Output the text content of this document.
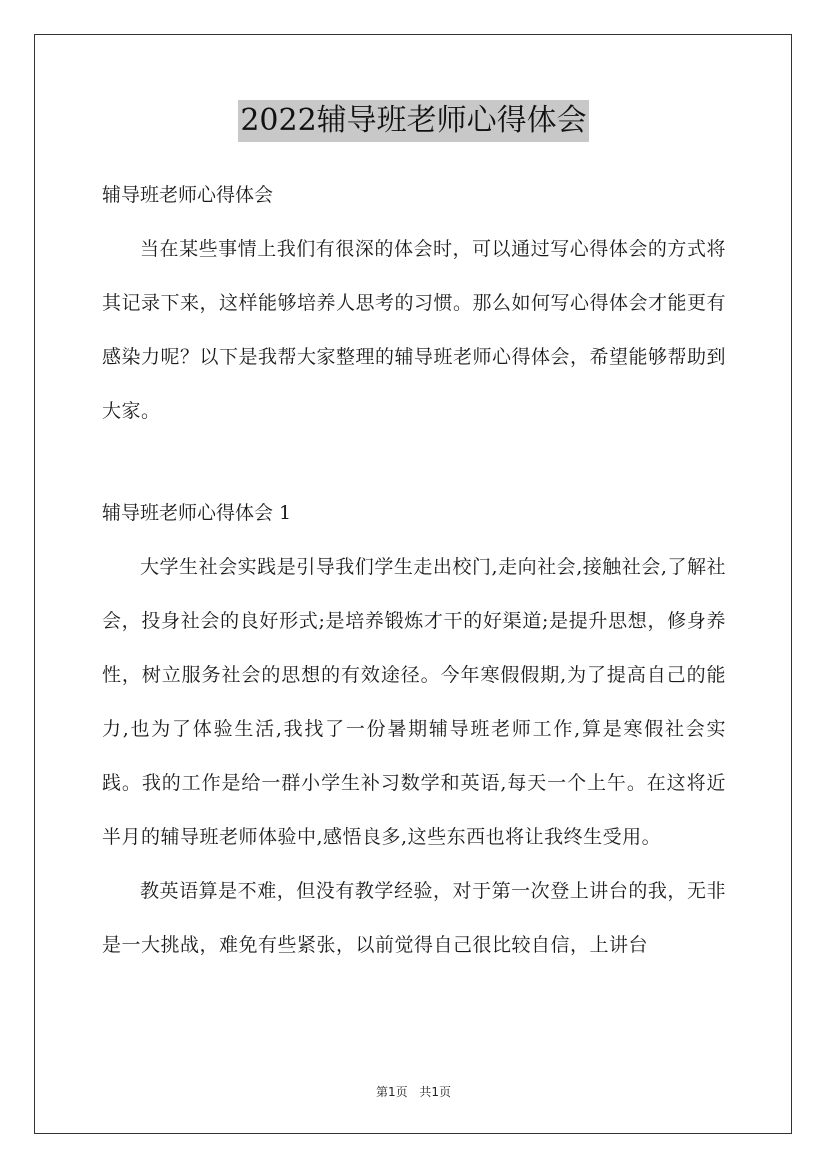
2022辅导班老师心得体会

辅导班老师心得体会

当在某些事情上我们有很深的体会时，可以通过写心得体会的方式将其记录下来，这样能够培养人思考的习惯。那么如何写心得体会才能更有感染力呢？以下是我帮大家整理的辅导班老师心得体会，希望能够帮助到大家。

辅导班老师心得体会 1

大学生社会实践是引导我们学生走出校门,走向社会,接触社会,了解社会，投身社会的良好形式;是培养锻炼才干的好渠道;是提升思想，修身养性，树立服务社会的思想的有效途径。今年寒假假期,为了提高自己的能力,也为了体验生活,我找了一份暑期辅导班老师工作,算是寒假社会实践。我的工作是给一群小学生补习数学和英语,每天一个上午。在这将近半月的辅导班老师体验中,感悟良多,这些东西也将让我终生受用。

教英语算是不难，但没有教学经验，对于第一次登上讲台的我，无非是一大挑战，难免有些紧张，以前觉得自己很比较自信，上讲台

第1页 共1页
